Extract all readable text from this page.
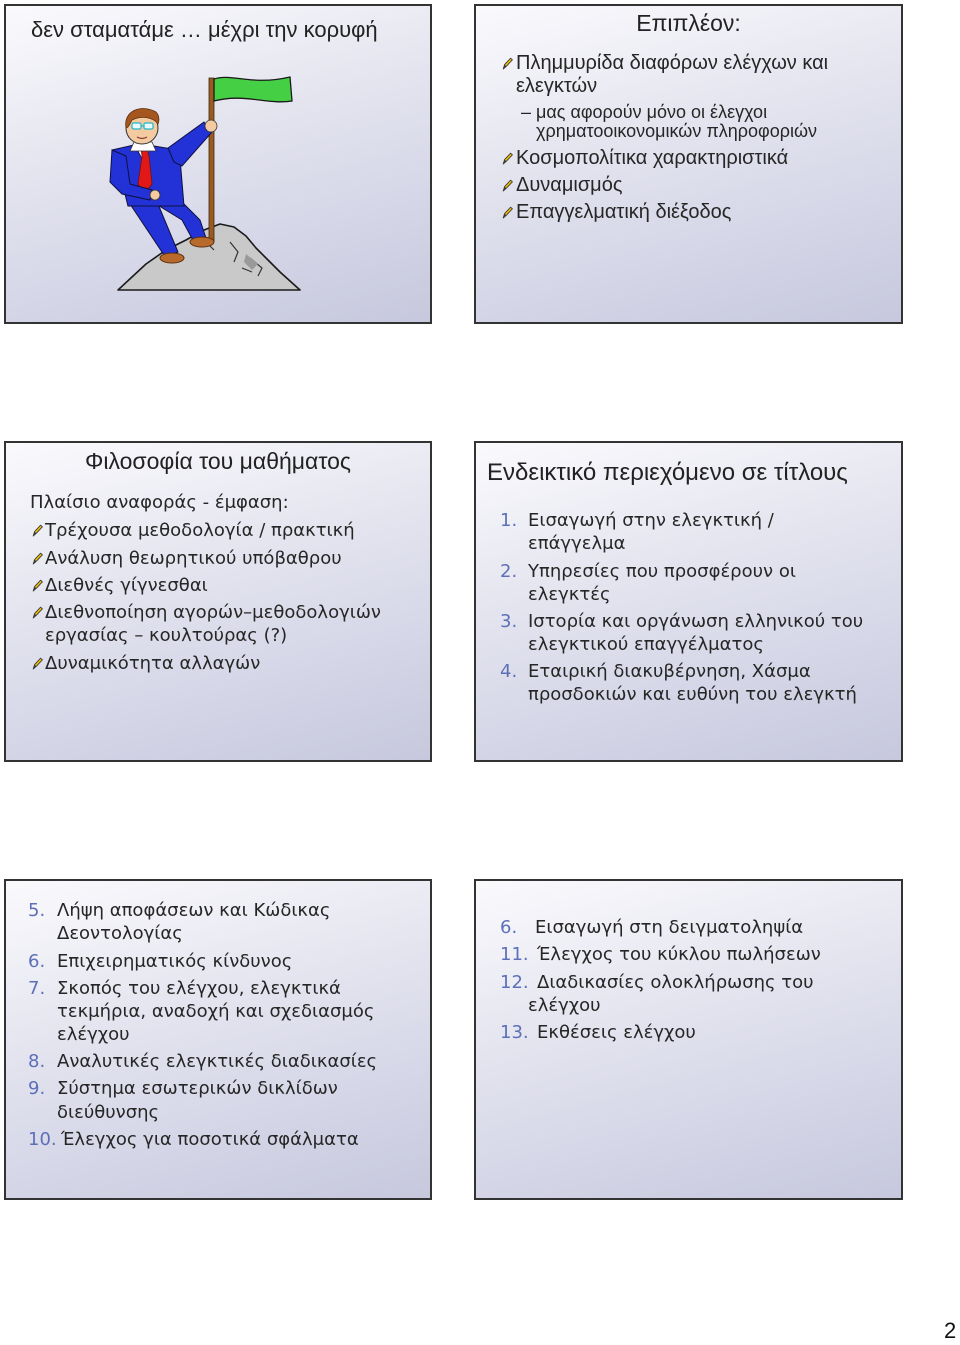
δεν σταματάμε … μέχρι την κορυφή	Επιπλέον:
Πλημμυρίδα διαφόρων ελέγχων και
ελεγκτών
– μας αφορούν μόνο οι έλεγχοι
χρηματοοικονομικών πληροφοριών
Κοσμοπολίτικα χαρακτηριστικά
Δυναμισμός
Επαγγελματική διέξοδος
Φιλοσοφία του μαθήματος
Πλαίσιο αναφοράς - έμφαση:
Τρέχουσα μεθοδολογία / πρακτική
Ανάλυση θεωρητικού υπόβαθρου
Διεθνές γίγνεσθαι
Διεθνοποίηση αγορών–μεθοδολογιών
εργασίας – κουλτούρας (?)
Δυναμικότητα αλλαγών
Ενδεικτικό περιεχόμενο σε τίτλους
1. Εισαγωγή στην ελεγκτική /
επάγγελμα
2. Υπηρεσίες που προσφέρουν οι
ελεγκτές
3. Ιστορία και οργάνωση ελληνικού του
ελεγκτικού επαγγέλματος
4. Εταιρική διακυβέρνηση, Χάσμα
προσδοκιών και ευθύνη του ελεγκτή
5. Λήψη αποφάσεων και Κώδικας
Δεοντολογίας
6. Επιχειρηματικός κίνδυνος
7. Σκοπός του ελέγχου, ελεγκτικά
τεκμήρια, αναδοχή και σχεδιασμός
ελέγχου
8. Αναλυτικές ελεγκτικές διαδικασίες
9. Σύστημα εσωτερικών δικλίδων
διεύθυνσης
10. Έλεγχος για ποσοτικά σφάλματα
6. Εισαγωγή στη δειγματοληψία
11. Έλεγχος του κύκλου πωλήσεων
12. Διαδικασίες ολοκλήρωσης του
ελέγχου
13. Εκθέσεις ελέγχου
2
